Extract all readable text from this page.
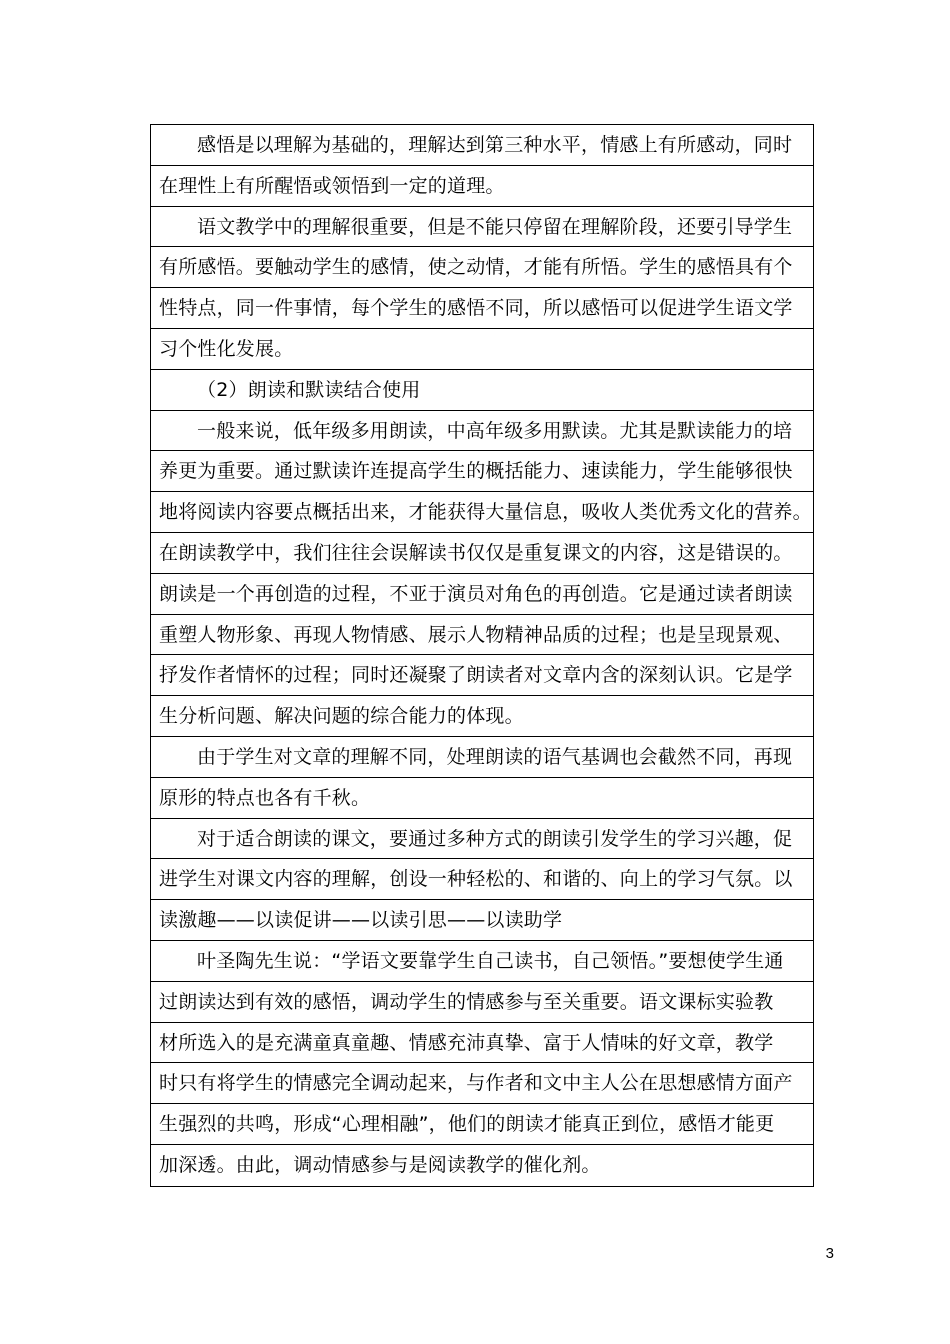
感悟是以理解为基础的，理解达到第三种水平，情感上有所感动，同时
在理性上有所醒悟或领悟到一定的道理。
语文教学中的理解很重要，但是不能只停留在理解阶段，还要引导学生
有所感悟。要触动学生的感情，使之动情，才能有所悟。学生的感悟具有个
性特点，同一件事情，每个学生的感悟不同，所以感悟可以促进学生语文学
习个性化发展。
（2）朗读和默读结合使用
一般来说，低年级多用朗读，中高年级多用默读。尤其是默读能力的培
养更为重要。通过默读许连提高学生的概括能力、速读能力，学生能够很快
地将阅读内容要点概括出来，才能获得大量信息，吸收人类优秀文化的营养。
在朗读教学中，我们往往会误解读书仅仅是重复课文的内容，这是错误的。
朗读是一个再创造的过程，不亚于演员对角色的再创造。它是通过读者朗读
重塑人物形象、再现人物情感、展示人物精神品质的过程；也是呈现景观、
抒发作者情怀的过程；同时还凝聚了朗读者对文章内含的深刻认识。它是学
生分析问题、解决问题的综合能力的体现。
由于学生对文章的理解不同，处理朗读的语气基调也会截然不同，再现
原形的特点也各有千秋。
对于适合朗读的课文，要通过多种方式的朗读引发学生的学习兴趣，促
进学生对课文内容的理解，创设一种轻松的、和谐的、向上的学习气氛。以
读激趣——以读促讲——以读引思——以读助学
叶圣陶先生说：“学语文要靠学生自己读书，自己领悟。”要想使学生通
过朗读达到有效的感悟，调动学生的情感参与至关重要。语文课标实验教
材所选入的是充满童真童趣、情感充沛真挚、富于人情味的好文章，教学
时只有将学生的情感完全调动起来，与作者和文中主人公在思想感情方面产
生强烈的共鸣，形成“心理相融”，他们的朗读才能真正到位，感悟才能更
加深透。由此，调动情感参与是阅读教学的催化剂。
3
